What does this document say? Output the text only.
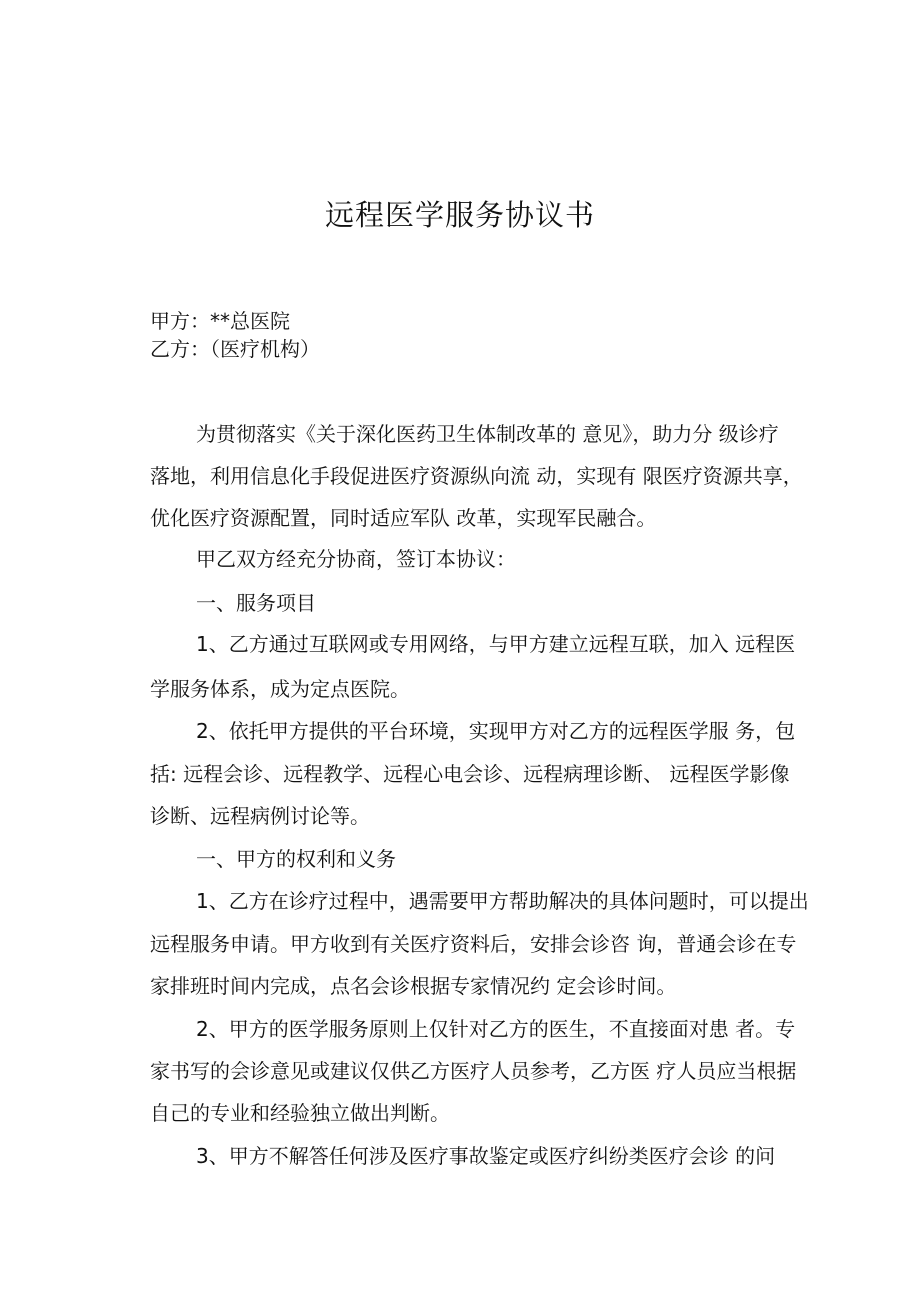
远程医学服务协议书
甲方：**总医院
乙方：（医疗机构）
为贯彻落实《关于深化医药卫生体制改革的 意见》，助力分 级诊疗
落地，利用信息化手段促进医疗资源纵向流 动，实现有 限医疗资源共享，
优化医疗资源配置，同时适应军队 改革，实现军民融合。
甲乙双方经充分协商，签订本协议：
一、服务项目
1、乙方通过互联网或专用网络，与甲方建立远程互联，加入 远程医
学服务体系，成为定点医院。
2、依托甲方提供的平台环境，实现甲方对乙方的远程医学服 务，包
括: 远程会诊、远程教学、远程心电会诊、远程病理诊断、 远程医学影像
诊断、远程病例讨论等。
一、甲方的权利和义务
1、乙方在诊疗过程中，遇需要甲方帮助解决的具体问题时，可以提出
远程服务申请。甲方收到有关医疗资料后，安排会诊咨 询，普通会诊在专
家排班时间内完成，点名会诊根据专家情况约 定会诊时间。
2、甲方的医学服务原则上仅针对乙方的医生，不直接面对患 者。专
家书写的会诊意见或建议仅供乙方医疗人员参考，乙方医 疗人员应当根据
自己的专业和经验独立做出判断。
3、甲方不解答任何涉及医疗事故鉴定或医疗纠纷类医疗会诊 的问
